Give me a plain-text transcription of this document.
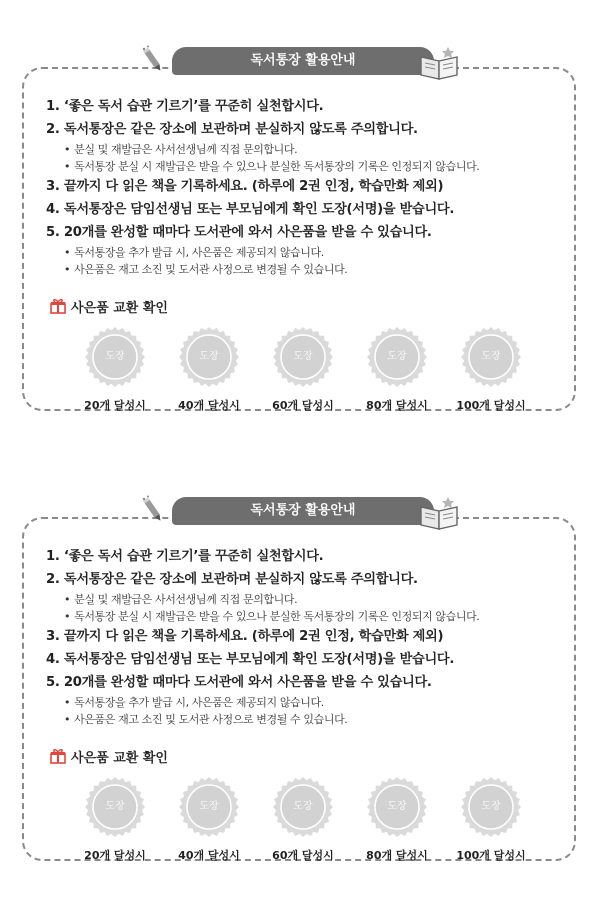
독서통장 활용안내
1. ‘좋은 독서 습관 기르기’를 꾸준히 실천합시다.
2. 독서통장은 같은 장소에 보관하며 분실하지 않도록 주의합니다.
• 분실 및 재발급은 사서선생님께 직접 문의합니다.
• 독서통장 분실 시 재발급은 받을 수 있으나 분실한 독서통장의 기록은 인정되지 않습니다.
3. 끝까지 다 읽은 책을 기록하세요. (하루에 2권 인정, 학습만화 제외)
4. 독서통장은 담임선생님 또는 부모님에게 확인 도장(서명)을 받습니다.
5. 20개를 완성할 때마다 도서관에 와서 사은품을 받을 수 있습니다.
• 독서통장을 추가 발급 시, 사은품은 제공되지 않습니다.
• 사은품은 재고 소진 및 도서관 사정으로 변경될 수 있습니다.
사은품 교환 확인
도장
20개 달성시
도장
40개 달성시
도장
60개 달성시
도장
80개 달성시
도장
100개 달성시
독서통장 활용안내
1. ‘좋은 독서 습관 기르기’를 꾸준히 실천합시다.
2. 독서통장은 같은 장소에 보관하며 분실하지 않도록 주의합니다.
• 분실 및 재발급은 사서선생님께 직접 문의합니다.
• 독서통장 분실 시 재발급은 받을 수 있으나 분실한 독서통장의 기록은 인정되지 않습니다.
3. 끝까지 다 읽은 책을 기록하세요. (하루에 2권 인정, 학습만화 제외)
4. 독서통장은 담임선생님 또는 부모님에게 확인 도장(서명)을 받습니다.
5. 20개를 완성할 때마다 도서관에 와서 사은품을 받을 수 있습니다.
• 독서통장을 추가 발급 시, 사은품은 제공되지 않습니다.
• 사은품은 재고 소진 및 도서관 사정으로 변경될 수 있습니다.
사은품 교환 확인
도장
20개 달성시
도장
40개 달성시
도장
60개 달성시
도장
80개 달성시
도장
100개 달성시
